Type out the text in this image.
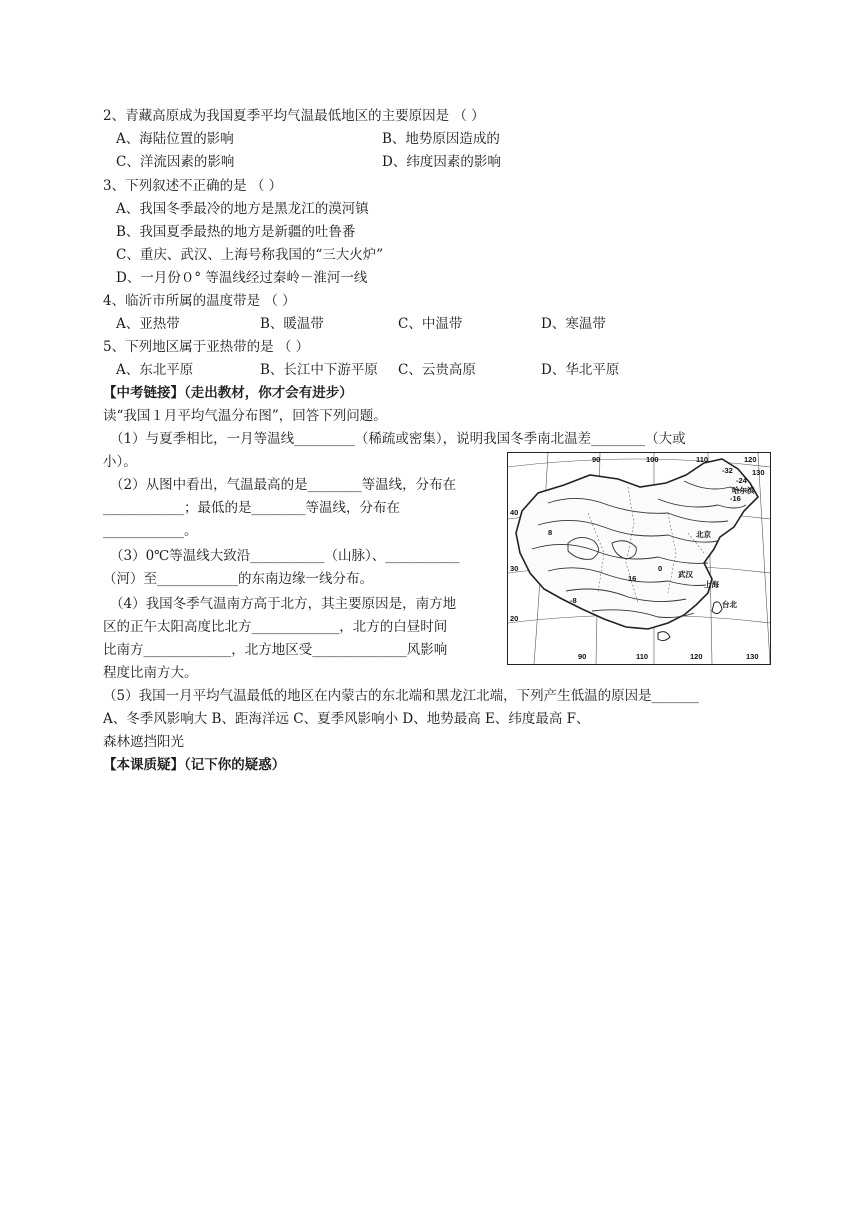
2、青藏高原成为我国夏季平均气温最低地区的主要原因是 （ ）
A、海陆位置的影响	B、地势原因造成的
C、洋流因素的影响	D、纬度因素的影响
3、下列叙述不正确的是 （ ）
A、我国冬季最冷的地方是黑龙江的漠河镇
B、我国夏季最热的地方是新疆的吐鲁番
C、重庆、武汉、上海号称我国的“三大火炉”
D、一月份０° 等温线经过秦岭－淮河一线
4、临沂市所属的温度带是 （ ）
A、亚热带	B、暖温带	C、中温带	D、寒温带
5、下列地区属于亚热带的是 （ ）
A、东北平原	B、长江中下游平原 C、云贵高原	D、华北平原
【中考链接】（走出教材，你才会有进步）
读“我国１月平均气温分布图”，回答下列问题。
（1）与夏季相比，一月等温线_________（稀疏或密集），说明我国冬季南北温差________（大或
小）。
（2）从图中看出，气温最高的是________等温线，分布在
____________；最低的是________等温线，分布在
____________。
（3）0℃等温线大致沿___________（山脉）、___________
（河）至____________的东南边缘一线分布。
（4）我国冬季气温南方高于北方，其主要原因是，南方地
区的正午太阳高度比北方_____________，北方的白昼时间
比南方_____________，北方地区受______________风影响
程度比南方大。
（5）我国一月平均气温最低的地区在内蒙古的东北端和黑龙江北端，下列产生低温的原因是_______
A、冬季风影响大 B、距海洋远 C、夏季风影响小 D、地势最高 E、纬度最高 F、
森林遮挡阳光
【本课质疑】（记下你的疑惑）
90	100	110	120
130
-16
-24
-32
16
8
0
-8
武汉
上海
北京
哈尔滨
台北
90	110	120	130
40
30
20
